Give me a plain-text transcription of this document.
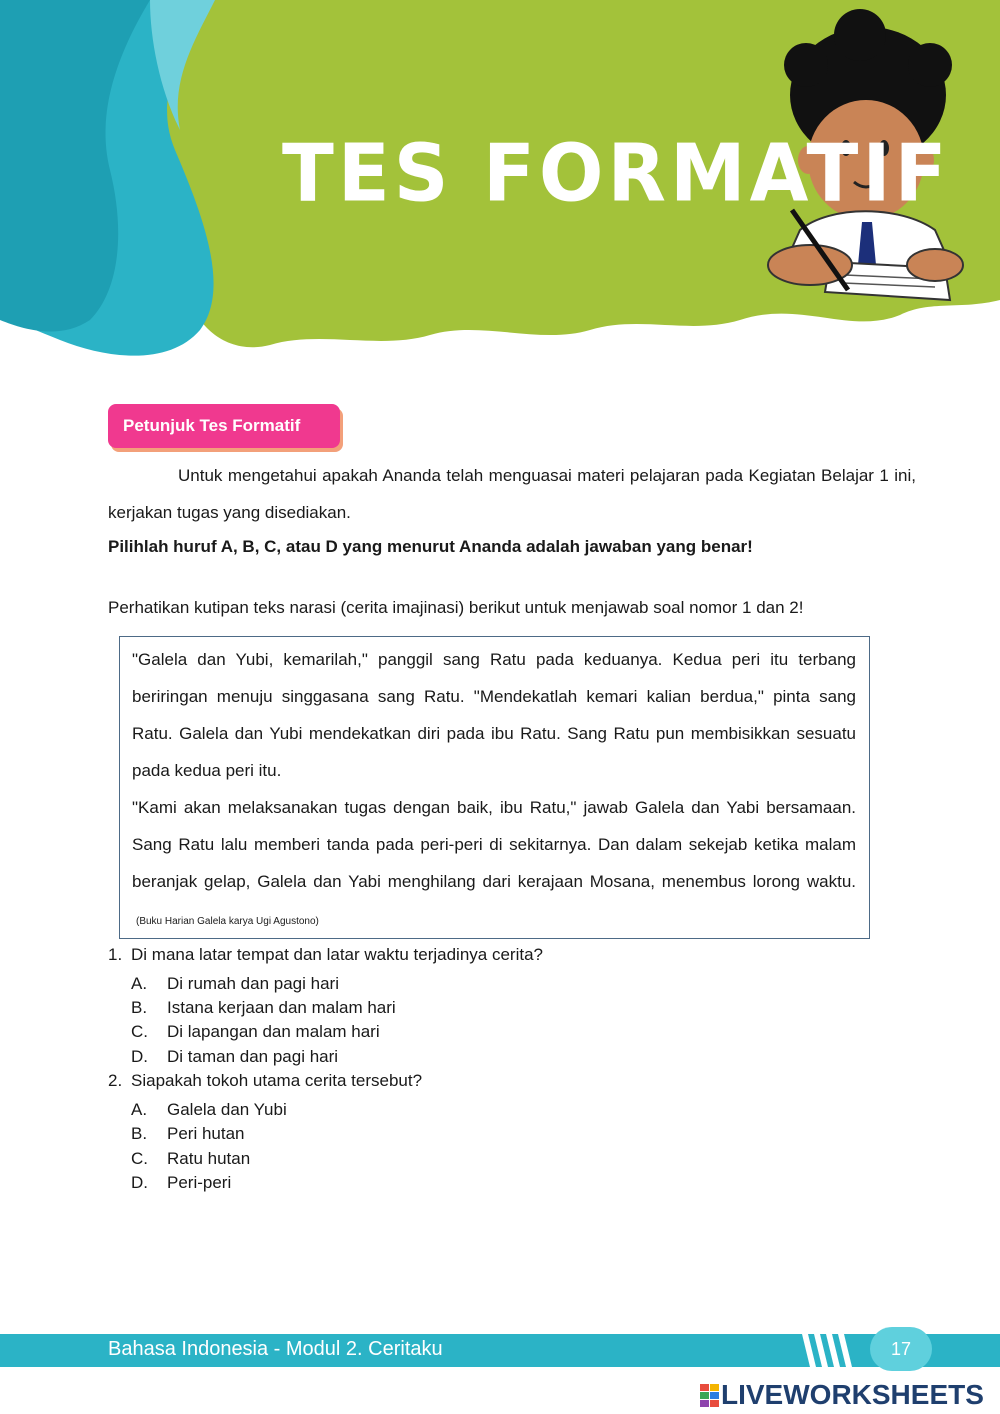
TES FORMATIF
Petunjuk Tes Formatif
Untuk mengetahui apakah Ananda telah menguasai materi pelajaran pada Kegiatan Belajar 1 ini, kerjakan tugas yang disediakan.
Pilihlah huruf A, B, C, atau D yang menurut Ananda adalah jawaban yang benar!
Perhatikan kutipan teks narasi (cerita imajinasi) berikut untuk menjawab soal nomor 1 dan 2!

"Galela dan Yubi, kemarilah," panggil sang Ratu pada keduanya. Kedua peri itu terbang beriringan menuju singgasana sang Ratu. "Mendekatlah kemari kalian berdua," pinta sang Ratu. Galela dan Yubi mendekatkan diri pada ibu Ratu. Sang Ratu pun membisikkan sesuatu pada kedua peri itu.

"Kami akan melaksanakan tugas dengan baik, ibu Ratu," jawab Galela dan Yabi bersamaan. Sang Ratu lalu memberi tanda pada peri-peri di sekitarnya. Dan dalam sekejab ketika malam beranjak gelap, Galela dan Yabi menghilang dari kerajaan Mosana, menembus lorong waktu.(Buku Harian Galela karya Ugi Agustono)

1. Di mana latar tempat dan latar waktu terjadinya cerita?
A. Di rumah dan pagi hari
B. Istana kerjaan dan malam hari
C. Di lapangan dan malam hari
D. Di taman dan pagi hari
2. Siapakah tokoh utama cerita tersebut?
A. Galela dan Yubi
B. Peri hutan
C. Ratu hutan
D. Peri-peri
Bahasa Indonesia - Modul 2. Ceritaku	17
LIVEWORKSHEETS
